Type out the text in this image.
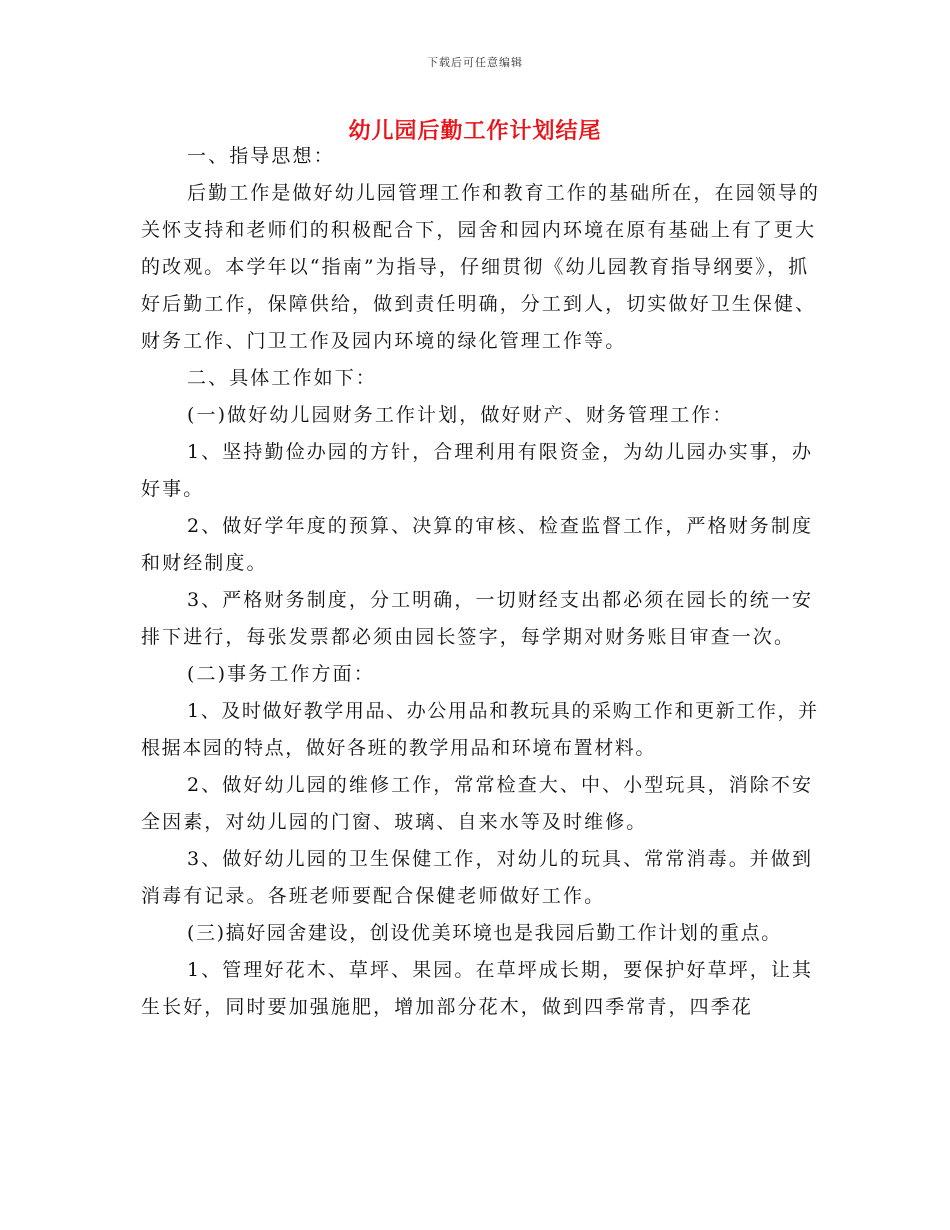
下载后可任意编辑
幼儿园后勤工作计划结尾

一、指导思想：

后勤工作是做好幼儿园管理工作和教育工作的基础所在，在园领导的关怀支持和老师们的积极配合下，园舍和园内环境在原有基础上有了更大的改观。本学年以“指南”为指导，仔细贯彻《幼儿园教育指导纲要》，抓好后勤工作，保障供给，做到责任明确，分工到人，切实做好卫生保健、财务工作、门卫工作及园内环境的绿化管理工作等。

二、具体工作如下：

(一)做好幼儿园财务工作计划，做好财产、财务管理工作：

1、坚持勤俭办园的方针，合理利用有限资金，为幼儿园办实事，办好事。

2、做好学年度的预算、决算的审核、检查监督工作，严格财务制度和财经制度。

3、严格财务制度，分工明确，一切财经支出都必须在园长的统一安排下进行，每张发票都必须由园长签字，每学期对财务账目审查一次。

(二)事务工作方面：

1、及时做好教学用品、办公用品和教玩具的采购工作和更新工作，并根据本园的特点，做好各班的教学用品和环境布置材料。

2、做好幼儿园的维修工作，常常检查大、中、小型玩具，消除不安全因素，对幼儿园的门窗、玻璃、自来水等及时维修。

3、做好幼儿园的卫生保健工作，对幼儿的玩具、常常消毒。并做到消毒有记录。各班老师要配合保健老师做好工作。

(三)搞好园舍建设，创设优美环境也是我园后勤工作计划的重点。

1、管理好花木、草坪、果园。在草坪成长期，要保护好草坪，让其生长好，同时要加强施肥，增加部分花木，做到四季常青，四季花
